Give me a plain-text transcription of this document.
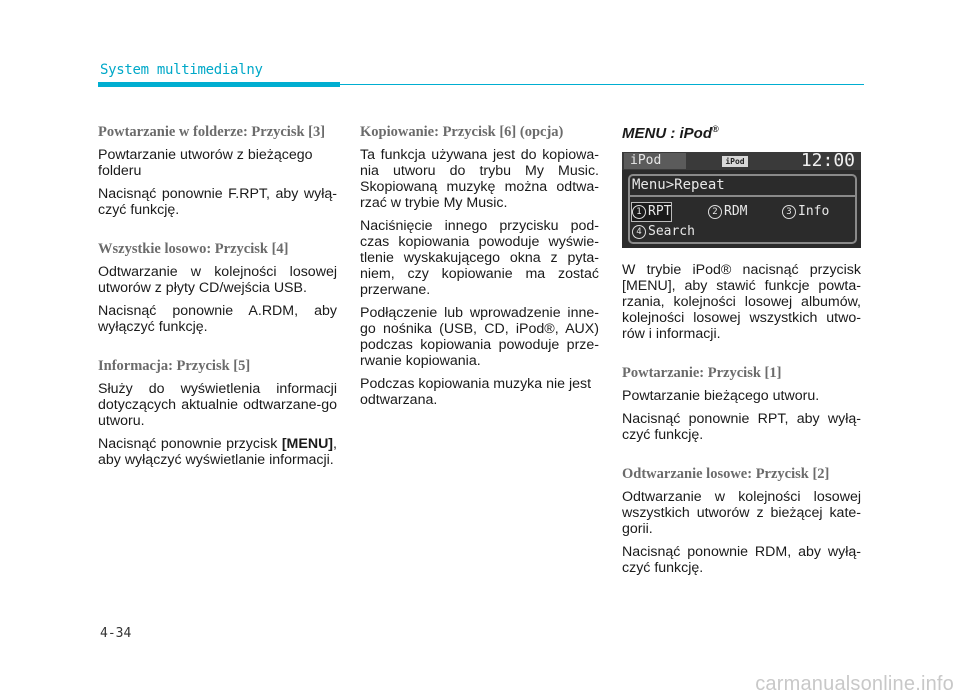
System multimedialny
Powtarzanie w folderze: Przycisk [3]

Powtarzanie utworów z bieżącego folderu

Nacisnąć ponownie F.RPT, aby wyłą-czyć funkcję.

Wszystkie losowo: Przycisk [4]

Odtwarzanie w kolejności losowej utworów z płyty CD/wejścia USB.

Nacisnąć ponownie A.RDM, aby wyłączyć funkcję.

Informacja: Przycisk [5]

Służy do wyświetlenia informacji dotyczących aktualnie odtwarzane-go utworu.

Nacisnąć ponownie przycisk [MENU], aby wyłączyć wyświetlanie informacji.

Kopiowanie: Przycisk [6] (opcja)

Ta funkcja używana jest do kopiowa-nia utworu do trybu My Music. Skopiowaną muzykę można odtwa-rzać w trybie My Music.

Naciśnięcie innego przycisku pod-czas kopiowania powoduje wyświe-tlenie wyskakującego okna z pyta-niem, czy kopiowanie ma zostać przerwane.

Podłączenie lub wprowadzenie inne-go nośnika (USB, CD, iPod®, AUX) podczas kopiowania powoduje prze-rwanie kopiowania.

Podczas kopiowania muzyka nie jest odtwarzana.

MENU : iPod®
iPod	iPod	12:00
Menu>Repeat
1 RPT	2 RDM	3 Info
4 Search

W trybie iPod® nacisnąć przycisk [MENU], aby stawić funkcje powta-rzania, kolejności losowej albumów, kolejności losowej wszystkich utwo-rów i informacji.

Powtarzanie: Przycisk [1]

Powtarzanie bieżącego utworu.

Nacisnąć ponownie RPT, aby wyłą-czyć funkcję.

Odtwarzanie losowe: Przycisk [2]

Odtwarzanie w kolejności losowej wszystkich utworów z bieżącej kate-gorii.

Nacisnąć ponownie RDM, aby wyłą-czyć funkcję.

4-34
carmanualsonline.info
